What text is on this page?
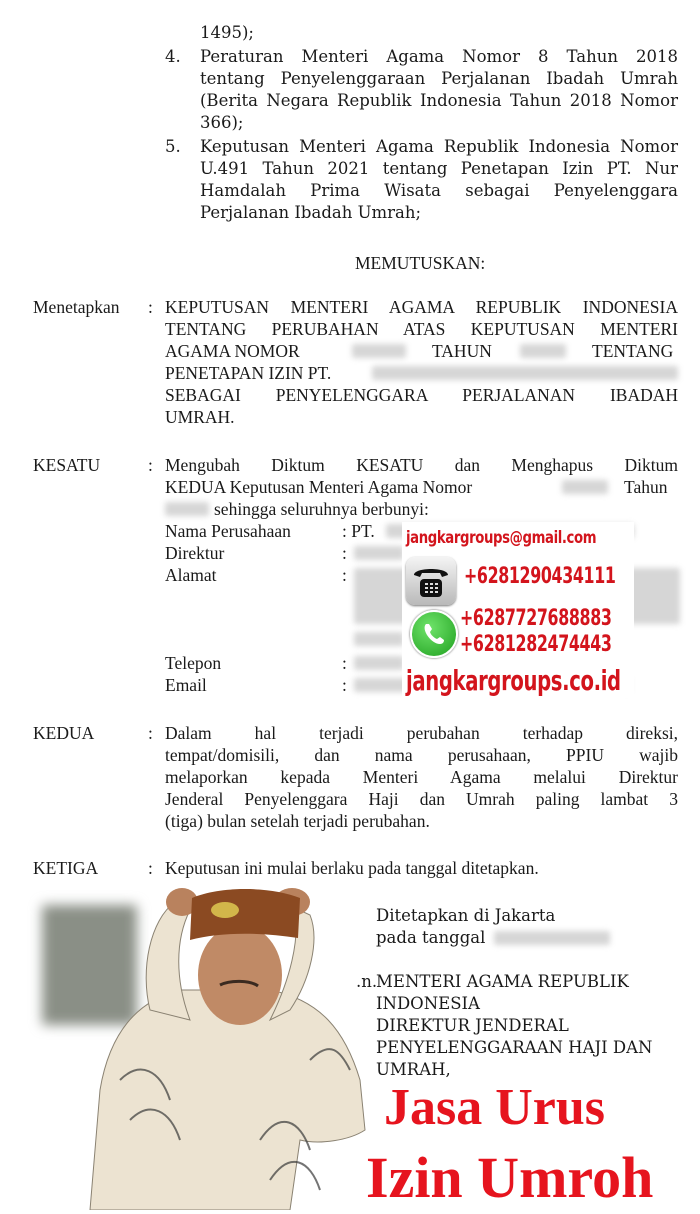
1495);
4. Peraturan Menteri Agama Nomor 8 Tahun 2018
tentang Penyelenggaraan Perjalanan Ibadah Umrah
(Berita Negara Republik Indonesia Tahun 2018 Nomor
366);
5. Keputusan Menteri Agama Republik Indonesia Nomor
U.491 Tahun 2021 tentang Penetapan Izin PT. Nur
Hamdalah Prima Wisata sebagai Penyelenggara
Perjalanan Ibadah Umrah;
MEMUTUSKAN:
Menetapkan : KEPUTUSAN MENTERI AGAMA REPUBLIK INDONESIA
TENTANG PERUBAHAN ATAS KEPUTUSAN MENTERI
AGAMA NOMOR	TAHUN	TENTANG
PENETAPAN IZIN PT.
SEBAGAI PENYELENGGARA PERJALANAN IBADAH
UMRAH.
KESATU	: Mengubah Diktum KESATU dan Menghapus Diktum
KEDUA Keputusan Menteri Agama Nomor	Tahun
sehingga seluruhnya berbunyi:
Nama Perusahaan	: PT.
Direktur	:
Alamat	:
Telepon	:
Email	:
jangkargroups@gmail.com
+6281290434111
+6287727688883
+6281282474443
jangkargroups.co.id
KEDUA	: Dalam hal terjadi perubahan terhadap direksi,
tempat/domisili, dan nama perusahaan, PPIU wajib
melaporkan kepada Menteri Agama melalui Direktur
Jenderal Penyelenggara Haji dan Umrah paling lambat 3
(tiga) bulan setelah terjadi perubahan.
KETIGA	: Keputusan ini mulai berlaku pada tanggal ditetapkan.
Ditetapkan di Jakarta
pada tanggal
.n.
MENTERI AGAMA REPUBLIK
INDONESIA
DIREKTUR JENDERAL
PENYELENGGARAAN HAJI DAN
UMRAH,
Jasa Urus
Izin Umroh
